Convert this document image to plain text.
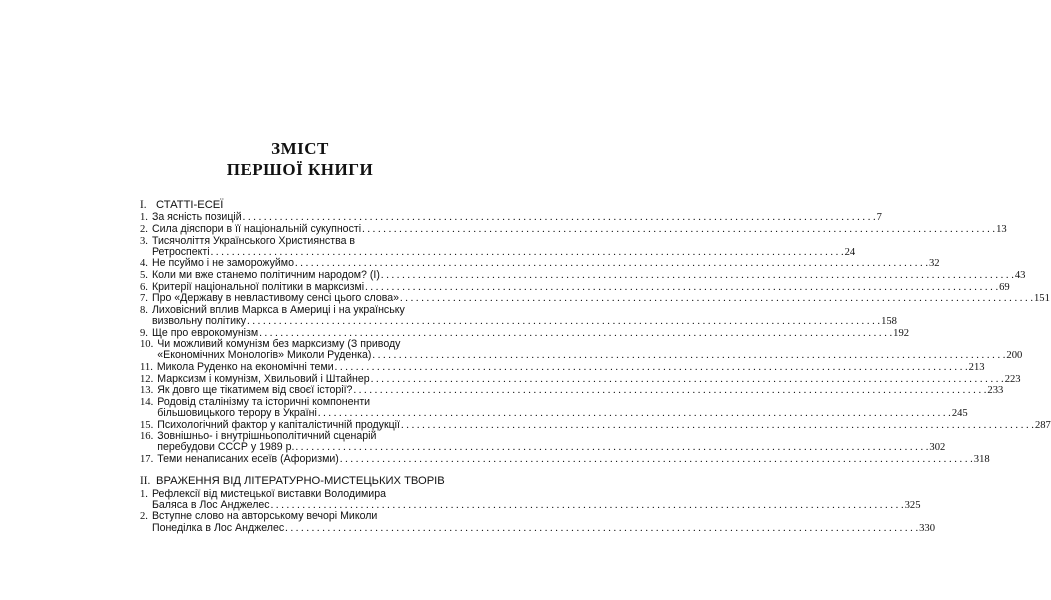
ЗМІСТ
ПЕРШОЇ КНИГИ
I. СТАТТІ-ЕСЕЇ
1. За ясність позицій . . .	7
2. Сила діяспори в її національній сукупності . . .	13
3. Тисячоліття Українського Християнства в
Ретроспекті . . .	24
4. Не псуймо і не заморожуймо . . .	32
5. Коли ми вже станемо політичним народом? (І) . . .	43
6. Критерії національної політики в марксизмі . . .	69
7. Про «Державу в невластивому сенсі цього слова» . . .	151
8. Лиховісний вплив Маркса в Америці і на українську
визвольну політику . . .	158
9. Ще про еврокомунізм . . .	192
10. Чи можливий комунізм без марксизму (З приводу
«Економічних Монологів» Миколи Руденка) . . .	200
11. Микола Руденко на економічні теми . . .	213
12. Марксизм і комунізм, Хвильовий і Штайнер . . .	223
13. Як довго ще тікатимем від своєї історії? . . .	233
14. Родовід сталінізму та історичні компоненти
більшовицького терору в Україні . . .	245
15. Психологічний фактор у капіталістичній продукції . . .	287
16. Зовнішньо- і внутрішньополітичний сценарій
перебудови СССР у 1989 р. . . .	302
17. Теми ненаписаних есеїв (Афоризми) . . .	318
II. ВРАЖЕННЯ ВІД ЛІТЕРАТУРНО-МИСТЕЦЬКИХ ТВОРІВ
1. Рефлексії від мистецької виставки Володимира
Баляса в Лос Анджелес . . .	325
2. Вступне слово на авторському вечорі Миколи
Понеділка в Лос Анджелес . . .	330
